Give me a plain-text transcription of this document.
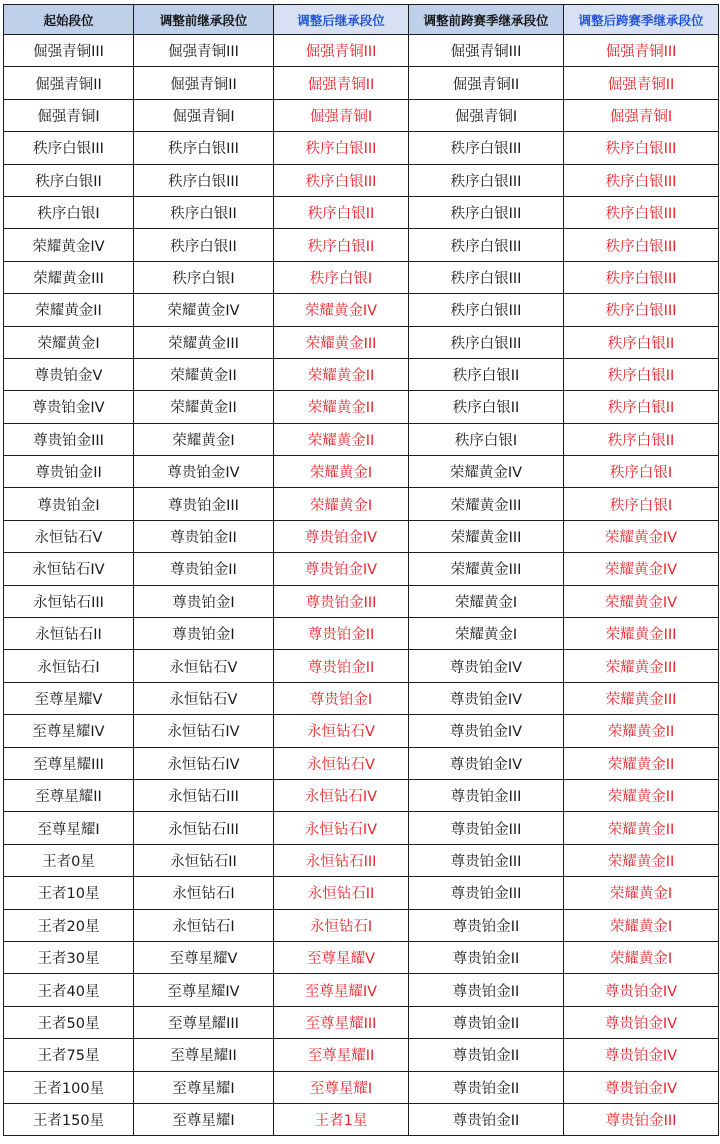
起始段位	调整前继承段位	调整后继承段位	调整前跨赛季继承段位	调整后跨赛季继承段位
倔强青铜III	倔强青铜III	倔强青铜III	倔强青铜III	倔强青铜III
倔强青铜II	倔强青铜II	倔强青铜II	倔强青铜II	倔强青铜II
倔强青铜I	倔强青铜I	倔强青铜I	倔强青铜I	倔强青铜I
秩序白银III	秩序白银III	秩序白银III	秩序白银III	秩序白银III
秩序白银II	秩序白银III	秩序白银III	秩序白银III	秩序白银III
秩序白银I	秩序白银II	秩序白银II	秩序白银III	秩序白银III
荣耀黄金IV	秩序白银II	秩序白银II	秩序白银III	秩序白银III
荣耀黄金III	秩序白银I	秩序白银I	秩序白银III	秩序白银III
荣耀黄金II	荣耀黄金IV	荣耀黄金IV	秩序白银III	秩序白银III
荣耀黄金I	荣耀黄金III	荣耀黄金III	秩序白银III	秩序白银II
尊贵铂金V	荣耀黄金II	荣耀黄金II	秩序白银II	秩序白银II
尊贵铂金IV	荣耀黄金II	荣耀黄金II	秩序白银II	秩序白银II
尊贵铂金III	荣耀黄金I	荣耀黄金II	秩序白银I	秩序白银II
尊贵铂金II	尊贵铂金IV	荣耀黄金I	荣耀黄金IV	秩序白银I
尊贵铂金I	尊贵铂金III	荣耀黄金I	荣耀黄金III	秩序白银I
永恒钻石V	尊贵铂金II	尊贵铂金IV	荣耀黄金III	荣耀黄金IV
永恒钻石IV	尊贵铂金II	尊贵铂金IV	荣耀黄金III	荣耀黄金IV
永恒钻石III	尊贵铂金I	尊贵铂金III	荣耀黄金I	荣耀黄金IV
永恒钻石II	尊贵铂金I	尊贵铂金II	荣耀黄金I	荣耀黄金III
永恒钻石I	永恒钻石V	尊贵铂金II	尊贵铂金IV	荣耀黄金III
至尊星耀V	永恒钻石V	尊贵铂金I	尊贵铂金IV	荣耀黄金III
至尊星耀IV	永恒钻石IV	永恒钻石V	尊贵铂金IV	荣耀黄金II
至尊星耀III	永恒钻石IV	永恒钻石V	尊贵铂金IV	荣耀黄金II
至尊星耀II	永恒钻石III	永恒钻石IV	尊贵铂金III	荣耀黄金II
至尊星耀I	永恒钻石III	永恒钻石IV	尊贵铂金III	荣耀黄金II
王者0星	永恒钻石II	永恒钻石III	尊贵铂金III	荣耀黄金II
王者10星	永恒钻石I	永恒钻石II	尊贵铂金III	荣耀黄金I
王者20星	永恒钻石I	永恒钻石I	尊贵铂金II	荣耀黄金I
王者30星	至尊星耀V	至尊星耀V	尊贵铂金II	荣耀黄金I
王者40星	至尊星耀IV	至尊星耀IV	尊贵铂金II	尊贵铂金IV
王者50星	至尊星耀III	至尊星耀III	尊贵铂金II	尊贵铂金IV
王者75星	至尊星耀II	至尊星耀II	尊贵铂金II	尊贵铂金IV
王者100星	至尊星耀I	至尊星耀I	尊贵铂金II	尊贵铂金IV
王者150星	至尊星耀I	王者1星	尊贵铂金II	尊贵铂金III
